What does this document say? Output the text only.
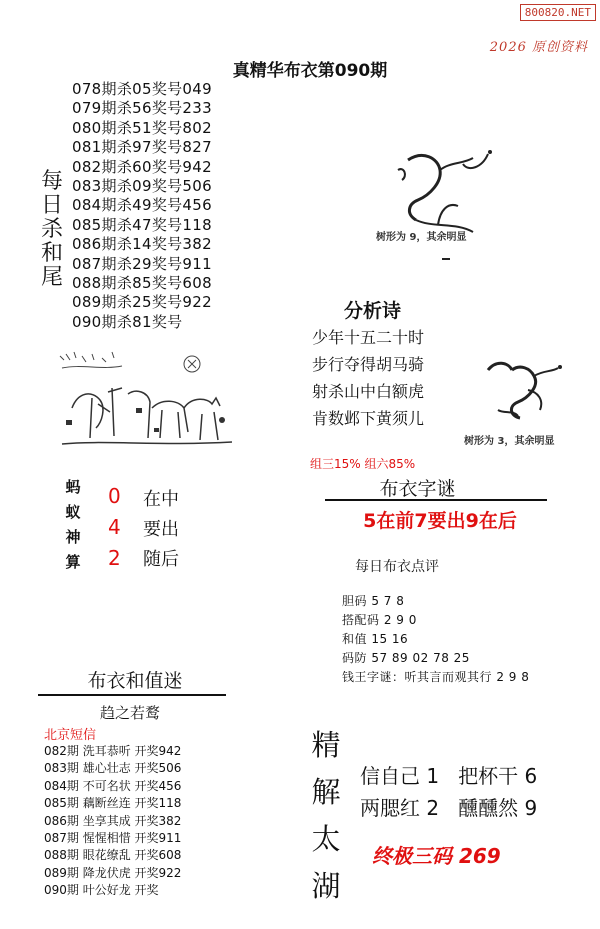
800820.NET
2026 原创资料
真精华布衣第090期
078期杀05奖号049
079期杀56奖号233
080期杀51奖号802
081期杀97奖号827
082期杀60奖号942
083期杀09奖号506
084期杀49奖号456
085期杀47奖号118
086期杀14奖号382
087期杀29奖号911
088期杀85奖号608
089期杀25奖号922
090期杀81奖号
每
日
杀
和
尾
树形为 9，其余明显
分析诗
少年十五二十时
步行夺得胡马骑
射杀山中白额虎
肯数邺下黄须儿
树形为 3，其余明显
组三15% 组六85%
蚂
蚁
神
算
0
4
2
在中
要出
随后
布衣字谜
5在前7要出9在后
每日布衣点评
胆码 5 7 8
搭配码 2 9 0
和值 15 16
码防 57 89 02 78 25
钱王字谜：听其言而观其行 2 9 8
布衣和值迷
趋之若鹜
北京短信
082期 洗耳恭听 开奖942
083期 雄心壮志 开奖506
084期 不可名状 开奖456
085期 藕断丝连 开奖118
086期 坐享其成 开奖382
087期 惺惺相惜 开奖911
088期 眼花缭乱 开奖608
089期 降龙伏虎 开奖922
090期 叶公好龙 开奖
精
解
太
湖
信自己 1   把杯干 6
两腮红 2   醺醺然 9
终极三码 269
